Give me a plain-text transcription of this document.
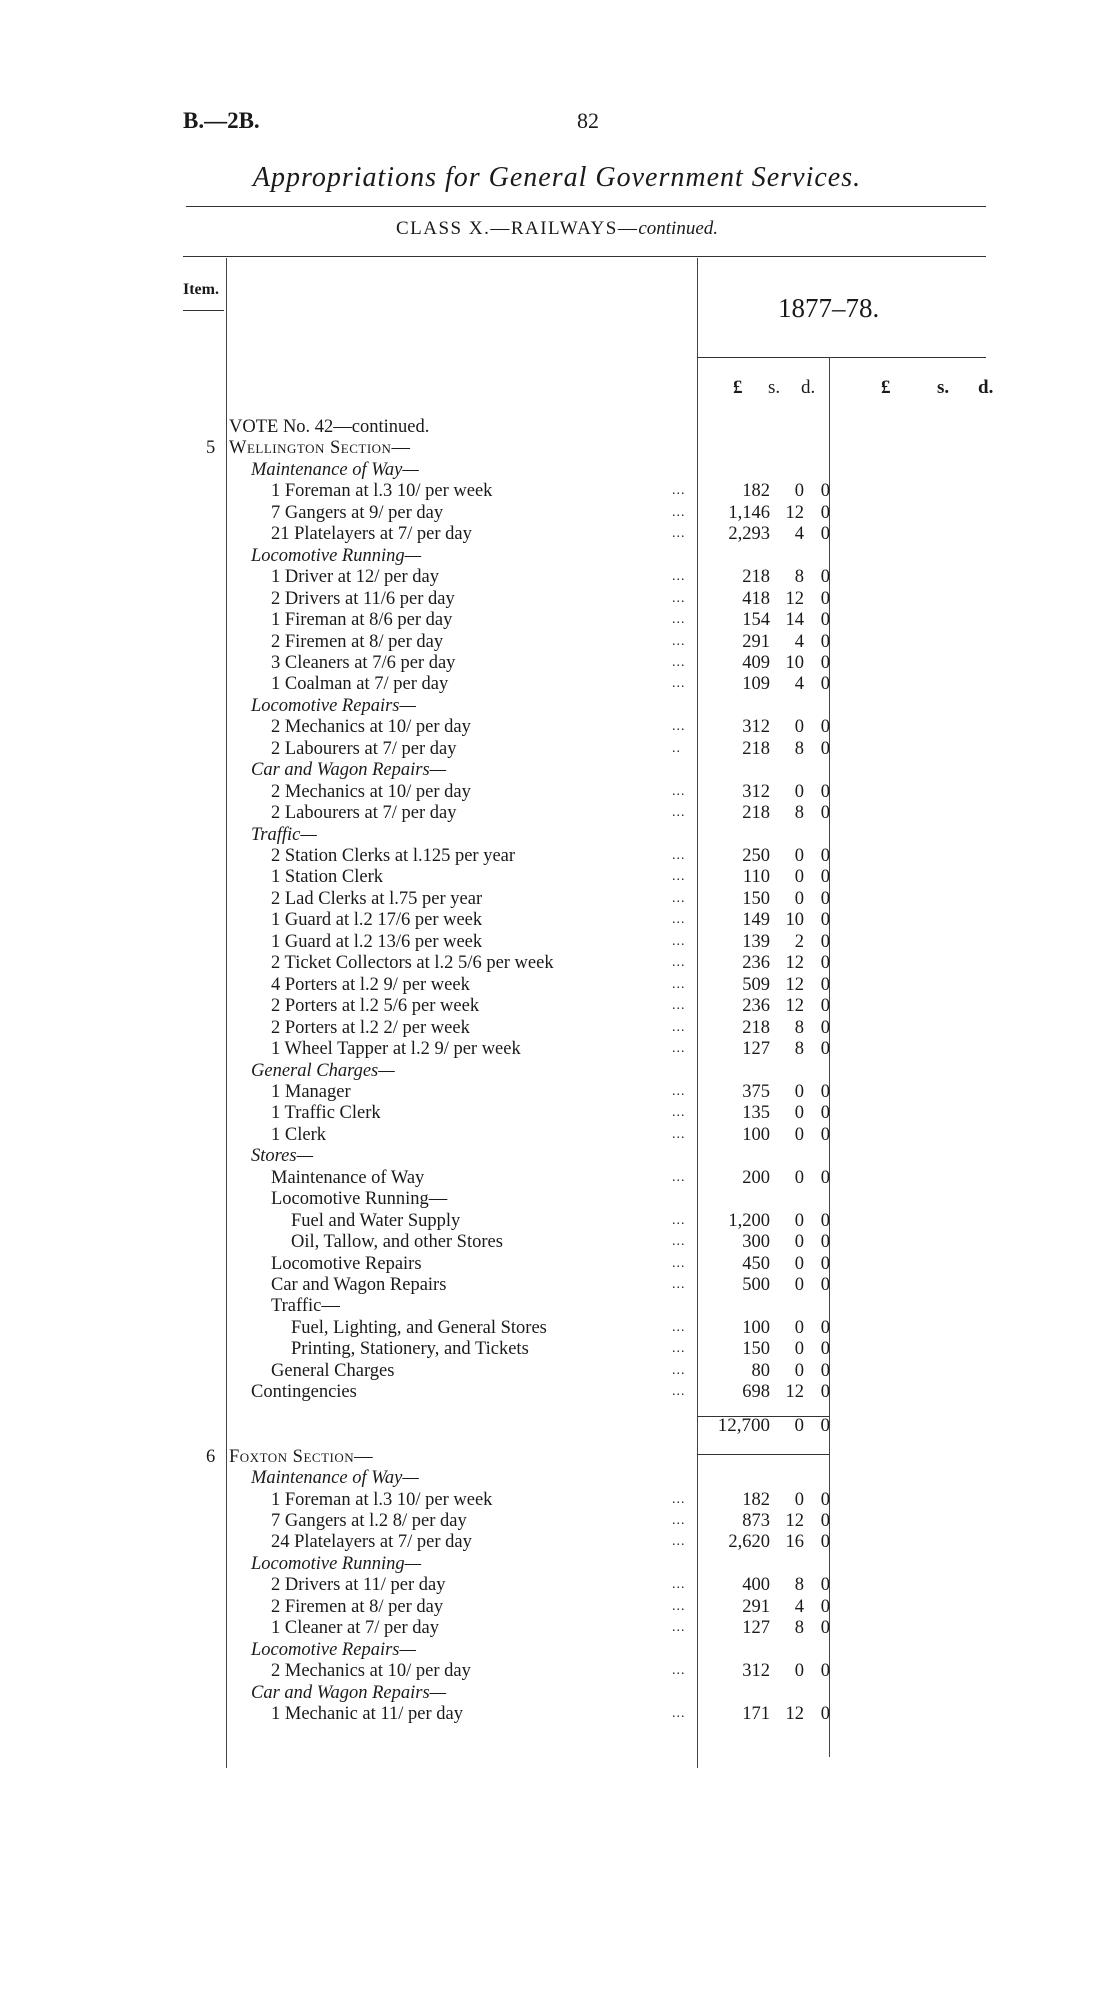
B.—2B.	82
Appropriations for General Government Services.
CLASS X.—RAILWAYS—continued.
Item.
1877–78.
£ s. d.	£ s. d.
VOTE No. 42—continued.
5 Wellington Section—
Maintenance of Way—
1 Foreman at l.3 10/ per week	...	182 0 0
7 Gangers at 9/ per day	... 1,146 12 0
21 Platelayers at 7/ per day	... 2,293 4 0
Locomotive Running—
1 Driver at 12/ per day	...	218 8 0
2 Drivers at 11/6 per day	...	418 12 0
1 Fireman at 8/6 per day	...	154 14 0
2 Firemen at 8/ per day	...	291 4 0
3 Cleaners at 7/6 per day	...	409 10 0
1 Coalman at 7/ per day	...	109 4 0
Locomotive Repairs—
2 Mechanics at 10/ per day	...	312 0 0
2 Labourers at 7/ per day	..	218 8 0
Car and Wagon Repairs—
2 Mechanics at 10/ per day	...	312 0 0
2 Labourers at 7/ per day	...	218 8 0
Traffic—
2 Station Clerks at l.125 per year	...	250 0 0
1 Station Clerk	...	110 0 0
2 Lad Clerks at l.75 per year	...	150 0 0
1 Guard at l.2 17/6 per week	...	149 10 0
1 Guard at l.2 13/6 per week	...	139 2 0
2 Ticket Collectors at l.2 5/6 per week	...	236 12 0
4 Porters at l.2 9/ per week	...	509 12 0
2 Porters at l.2 5/6 per week	...	236 12 0
2 Porters at l.2 2/ per week	...	218 8 0
1 Wheel Tapper at l.2 9/ per week	...	127 8 0
General Charges—
1 Manager	...	375 0 0
1 Traffic Clerk	...	135 0 0
1 Clerk	...	100 0 0
Stores—
Maintenance of Way	...	200 0 0
Locomotive Running—
Fuel and Water Supply	... 1,200 0 0
Oil, Tallow, and other Stores	...	300 0 0
Locomotive Repairs	...	450 0 0
Car and Wagon Repairs	...	500 0 0
Traffic—
Fuel, Lighting, and General Stores	...	100 0 0
Printing, Stationery, and Tickets	...	150 0 0
General Charges	...	80 0 0
Contingencies	...	698 12 0
12,700 0 0
6 Foxton Section—
Maintenance of Way—
1 Foreman at l.3 10/ per week	...	182 0 0
7 Gangers at l.2 8/ per day	...	873 12 0
24 Platelayers at 7/ per day	... 2,620 16 0
Locomotive Running—
2 Drivers at 11/ per day	...	400 8 0
2 Firemen at 8/ per day	...	291 4 0
1 Cleaner at 7/ per day	...	127 8 0
Locomotive Repairs—
2 Mechanics at 10/ per day	...	312 0 0
Car and Wagon Repairs—
1 Mechanic at 11/ per day	...	171 12 0
